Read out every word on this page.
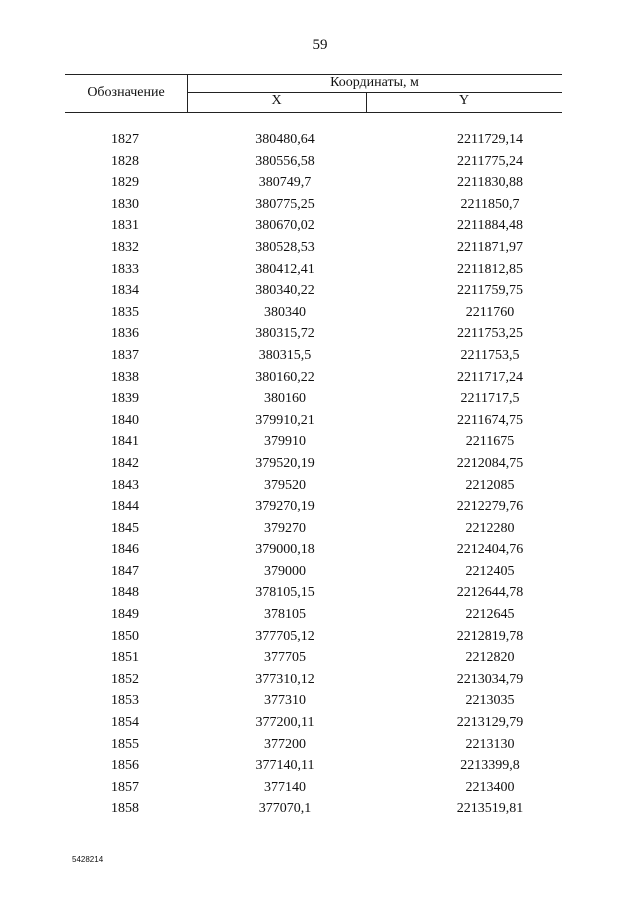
59
Обозначение
Координаты, м
X	Y
1827	380480,64	2211729,14
1828	380556,58	2211775,24
1829	380749,7	2211830,88
1830	380775,25	2211850,7
1831	380670,02	2211884,48
1832	380528,53	2211871,97
1833	380412,41	2211812,85
1834	380340,22	2211759,75
1835	380340	2211760
1836	380315,72	2211753,25
1837	380315,5	2211753,5
1838	380160,22	2211717,24
1839	380160	2211717,5
1840	379910,21	2211674,75
1841	379910	2211675
1842	379520,19	2212084,75
1843	379520	2212085
1844	379270,19	2212279,76
1845	379270	2212280
1846	379000,18	2212404,76
1847	379000	2212405
1848	378105,15	2212644,78
1849	378105	2212645
1850	377705,12	2212819,78
1851	377705	2212820
1852	377310,12	2213034,79
1853	377310	2213035
1854	377200,11	2213129,79
1855	377200	2213130
1856	377140,11	2213399,8
1857	377140	2213400
1858	377070,1	2213519,81
5428214
